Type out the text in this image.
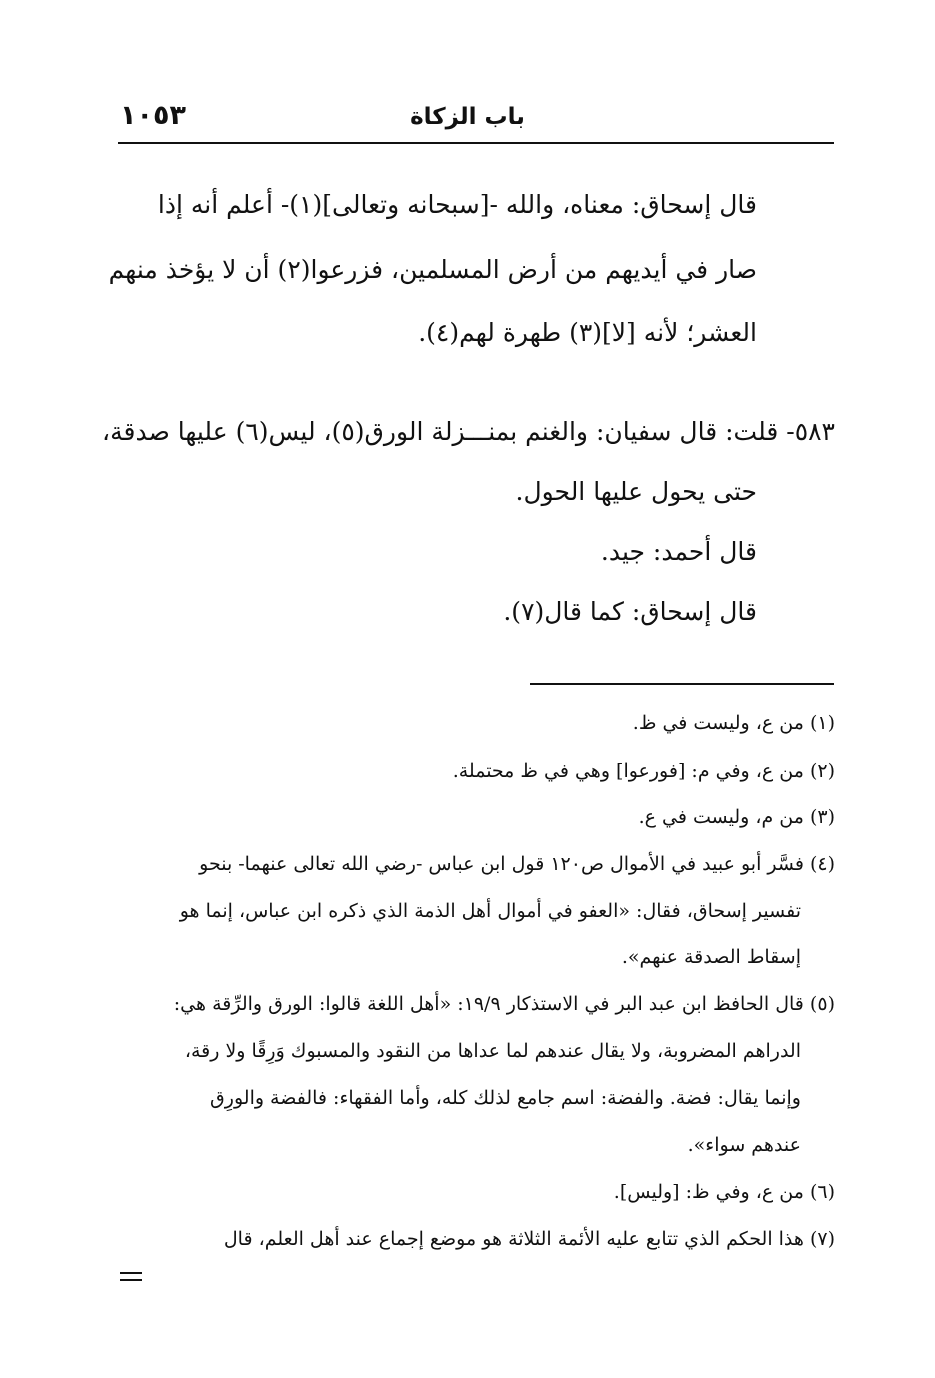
باب الزكاة
١٠٥٣
قال إسحاق: معناه، والله -[سبحانه وتعالى](١)- أعلم أنه إذا
صار في أيديهم من أرض المسلمين، فزرعوا(٢) أن لا يؤخذ منهم
العشر؛ لأنه [لا](٣) طهرة لهم(٤).
٥٨٣- قلت: قال سفيان: والغنم بمنـــزلة الورق(٥)، ليس(٦) عليها صدقة،
حتى يحول عليها الحول.
قال أحمد: جيد.
قال إسحاق: كما قال(٧).
(١) من ع، وليست في ظ.
(٢) من ع، وفي م: [فورعوا] وهي في ظ محتملة.
(٣) من م، وليست في ع.
(٤) فسَّر أبو عبيد في الأموال ص١٢٠ قول ابن عباس -رضي الله تعالى عنهما- بنحو
تفسير إسحاق، فقال: «العفو في أموال أهل الذمة الذي ذكره ابن عباس، إنما هو
إسقاط الصدقة عنهم».
(٥) قال الحافظ ابن عبد البر في الاستذكار ١٩/٩: «أهل اللغة قالوا: الورق والرِّقة هي:
الدراهم المضروبة، ولا يقال عندهم لما عداها من النقود والمسبوك وَرِقًا ولا رقة،
وإنما يقال: فضة. والفضة: اسم جامع لذلك كله، وأما الفقهاء: فالفضة والورِق
عندهم سواء».
(٦) من ع، وفي ظ: [وليس].
(٧) هذا الحكم الذي تتابع عليه الأئمة الثلاثة هو موضع إجماع عند أهل العلم، قال
